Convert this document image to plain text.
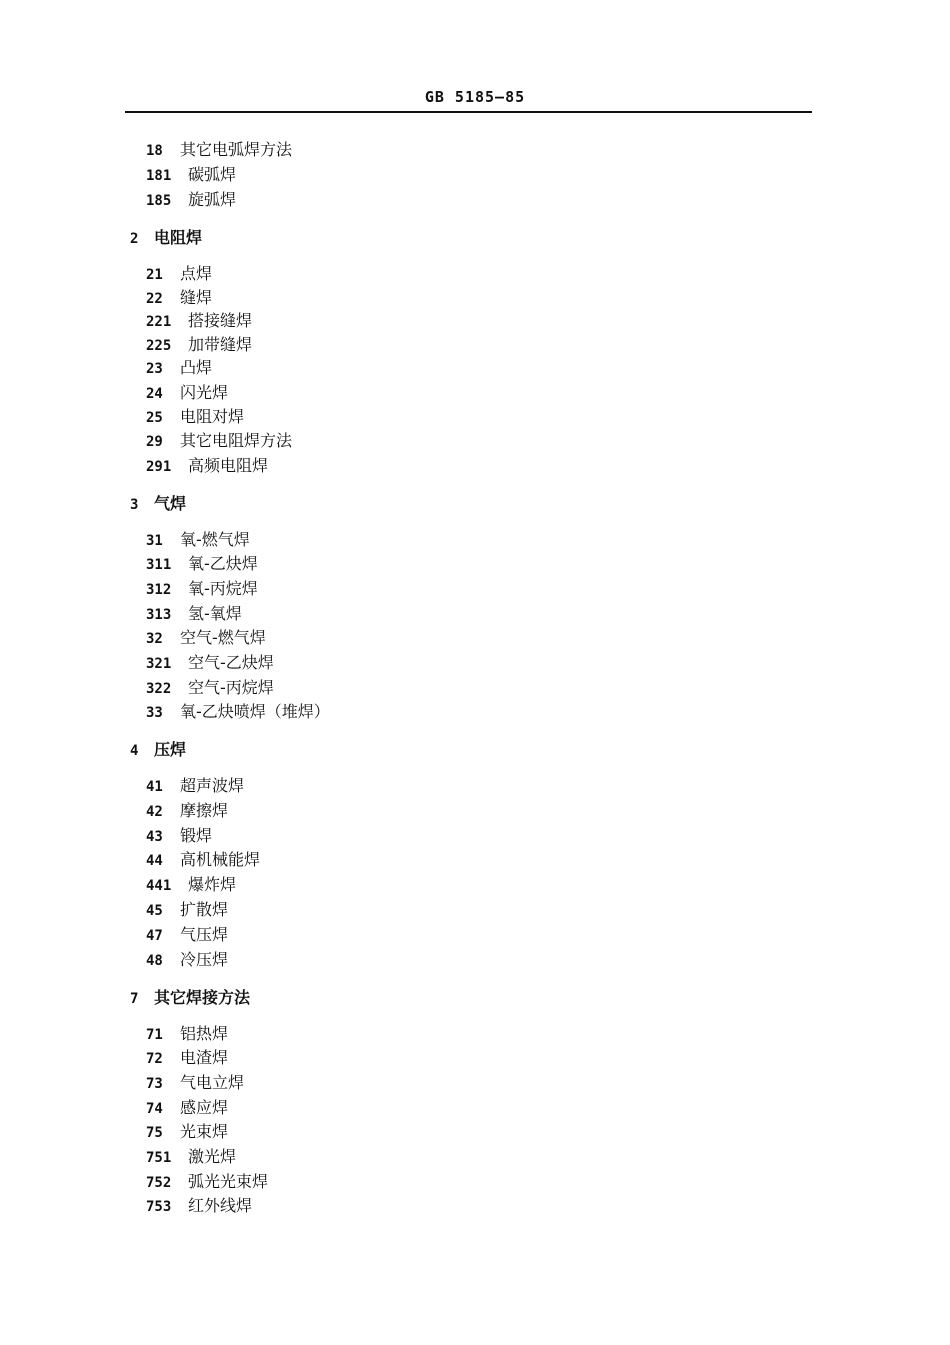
GB 5185—85
18 其它电弧焊方法
181 碳弧焊
185 旋弧焊
2 电阻焊
21 点焊
22 缝焊
221 搭接缝焊
225 加带缝焊
23 凸焊
24 闪光焊
25 电阻对焊
29 其它电阻焊方法
291 高频电阻焊
3 气焊
31 氧-燃气焊
311 氧-乙炔焊
312 氧-丙烷焊
313 氢-氧焊
32 空气-燃气焊
321 空气-乙炔焊
322 空气-丙烷焊
33 氧-乙炔喷焊（堆焊）
4 压焊
41 超声波焊
42 摩擦焊
43 锻焊
44 高机械能焊
441 爆炸焊
45 扩散焊
47 气压焊
48 冷压焊
7 其它焊接方法
71 铝热焊
72 电渣焊
73 气电立焊
74 感应焊
75 光束焊
751 激光焊
752 弧光光束焊
753 红外线焊
